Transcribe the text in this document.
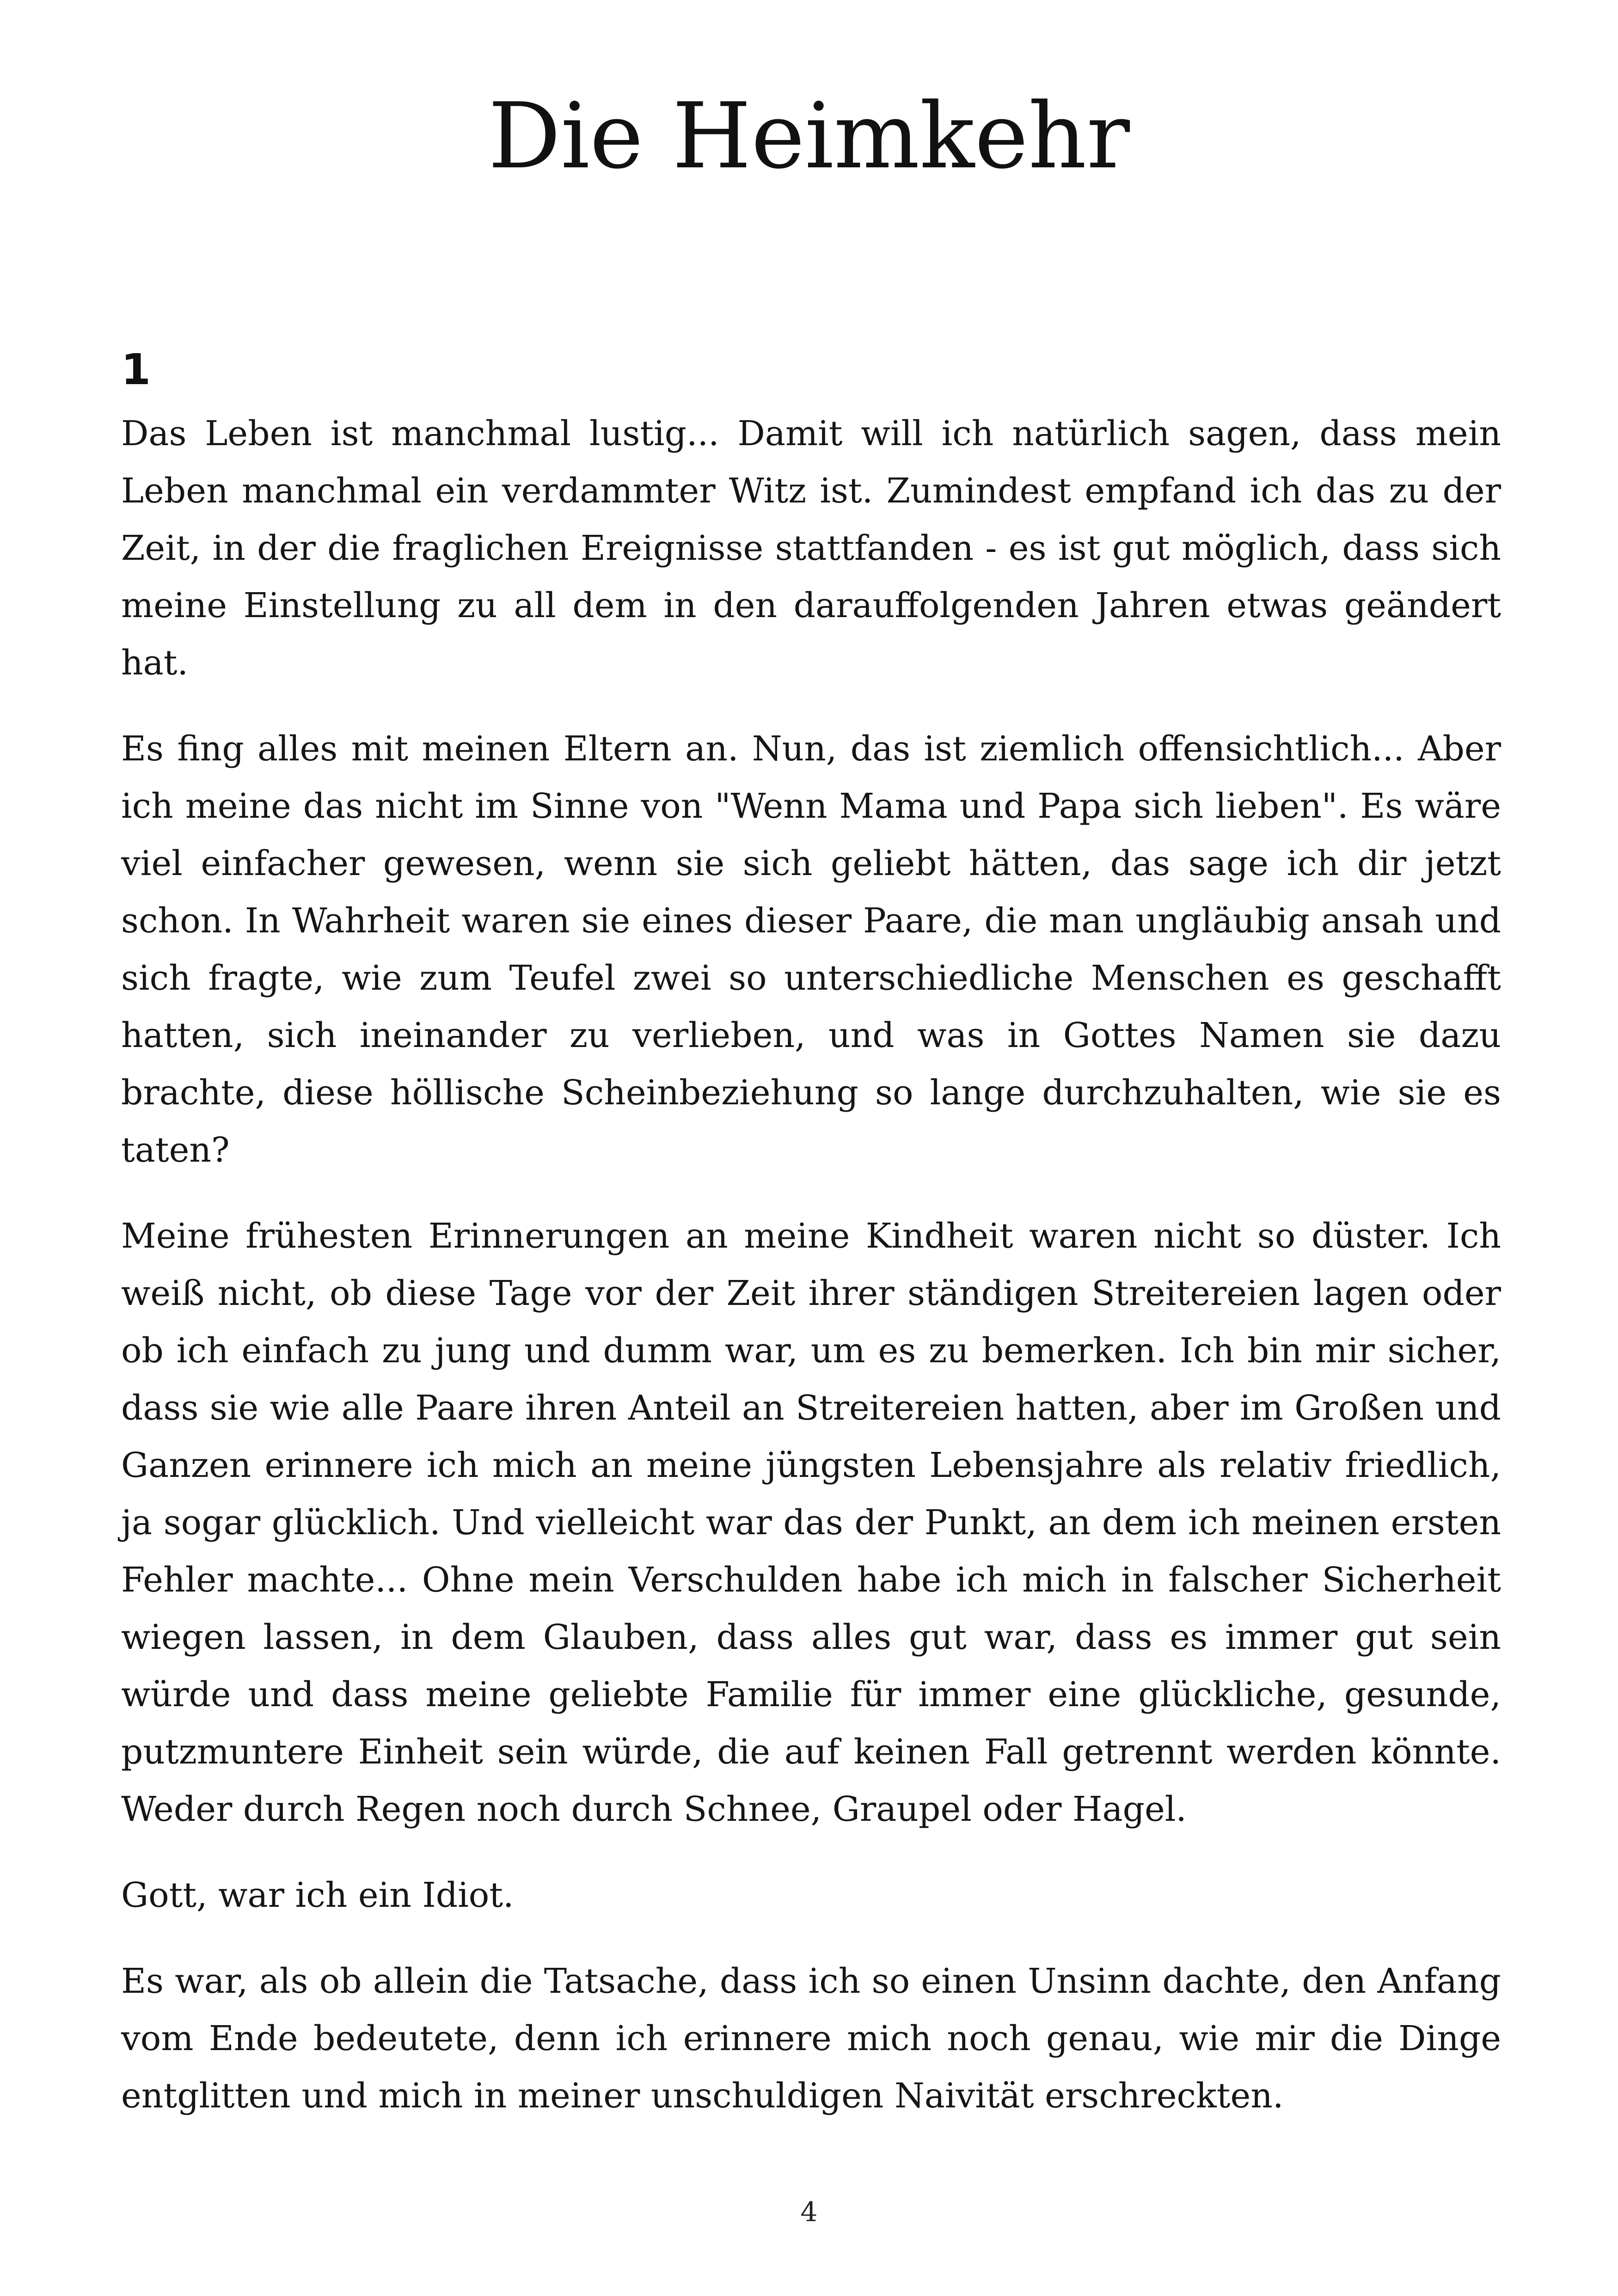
Die Heimkehr
1

Das Leben ist manchmal lustig... Damit will ich natürlich sagen, dass mein Leben manchmal ein verdammter Witz ist. Zumindest empfand ich das zu der Zeit, in der die fraglichen Ereignisse stattfanden - es ist gut möglich, dass sich meine Einstellung zu all dem in den darauffolgenden Jahren etwas geändert hat.

Es fing alles mit meinen Eltern an. Nun, das ist ziemlich offensichtlich... Aber ich meine das nicht im Sinne von "Wenn Mama und Papa sich lieben". Es wäre viel einfacher gewesen, wenn sie sich geliebt hätten, das sage ich dir jetzt schon. In Wahrheit waren sie eines dieser Paare, die man ungläubig ansah und sich fragte, wie zum Teufel zwei so unterschiedliche Menschen es geschafft hatten, sich ineinander zu verlieben, und was in Gottes Namen sie dazu brachte, diese höllische Scheinbeziehung so lange durchzuhalten, wie sie es taten?

Meine frühesten Erinnerungen an meine Kindheit waren nicht so düster. Ich weiß nicht, ob diese Tage vor der Zeit ihrer ständigen Streitereien lagen oder ob ich einfach zu jung und dumm war, um es zu bemerken. Ich bin mir sicher, dass sie wie alle Paare ihren Anteil an Streitereien hatten, aber im Großen und Ganzen erinnere ich mich an meine jüngsten Lebensjahre als relativ friedlich, ja sogar glücklich. Und vielleicht war das der Punkt, an dem ich meinen ersten Fehler machte... Ohne mein Verschulden habe ich mich in falscher Sicherheit wiegen lassen, in dem Glauben, dass alles gut war, dass es immer gut sein würde und dass meine geliebte Familie für immer eine glückliche, gesunde, putzmuntere Einheit sein würde, die auf keinen Fall getrennt werden könnte. Weder durch Regen noch durch Schnee, Graupel oder Hagel.

Gott, war ich ein Idiot.

Es war, als ob allein die Tatsache, dass ich so einen Unsinn dachte, den Anfang vom Ende bedeutete, denn ich erinnere mich noch genau, wie mir die Dinge entglitten und mich in meiner unschuldigen Naivität erschreckten.

4
